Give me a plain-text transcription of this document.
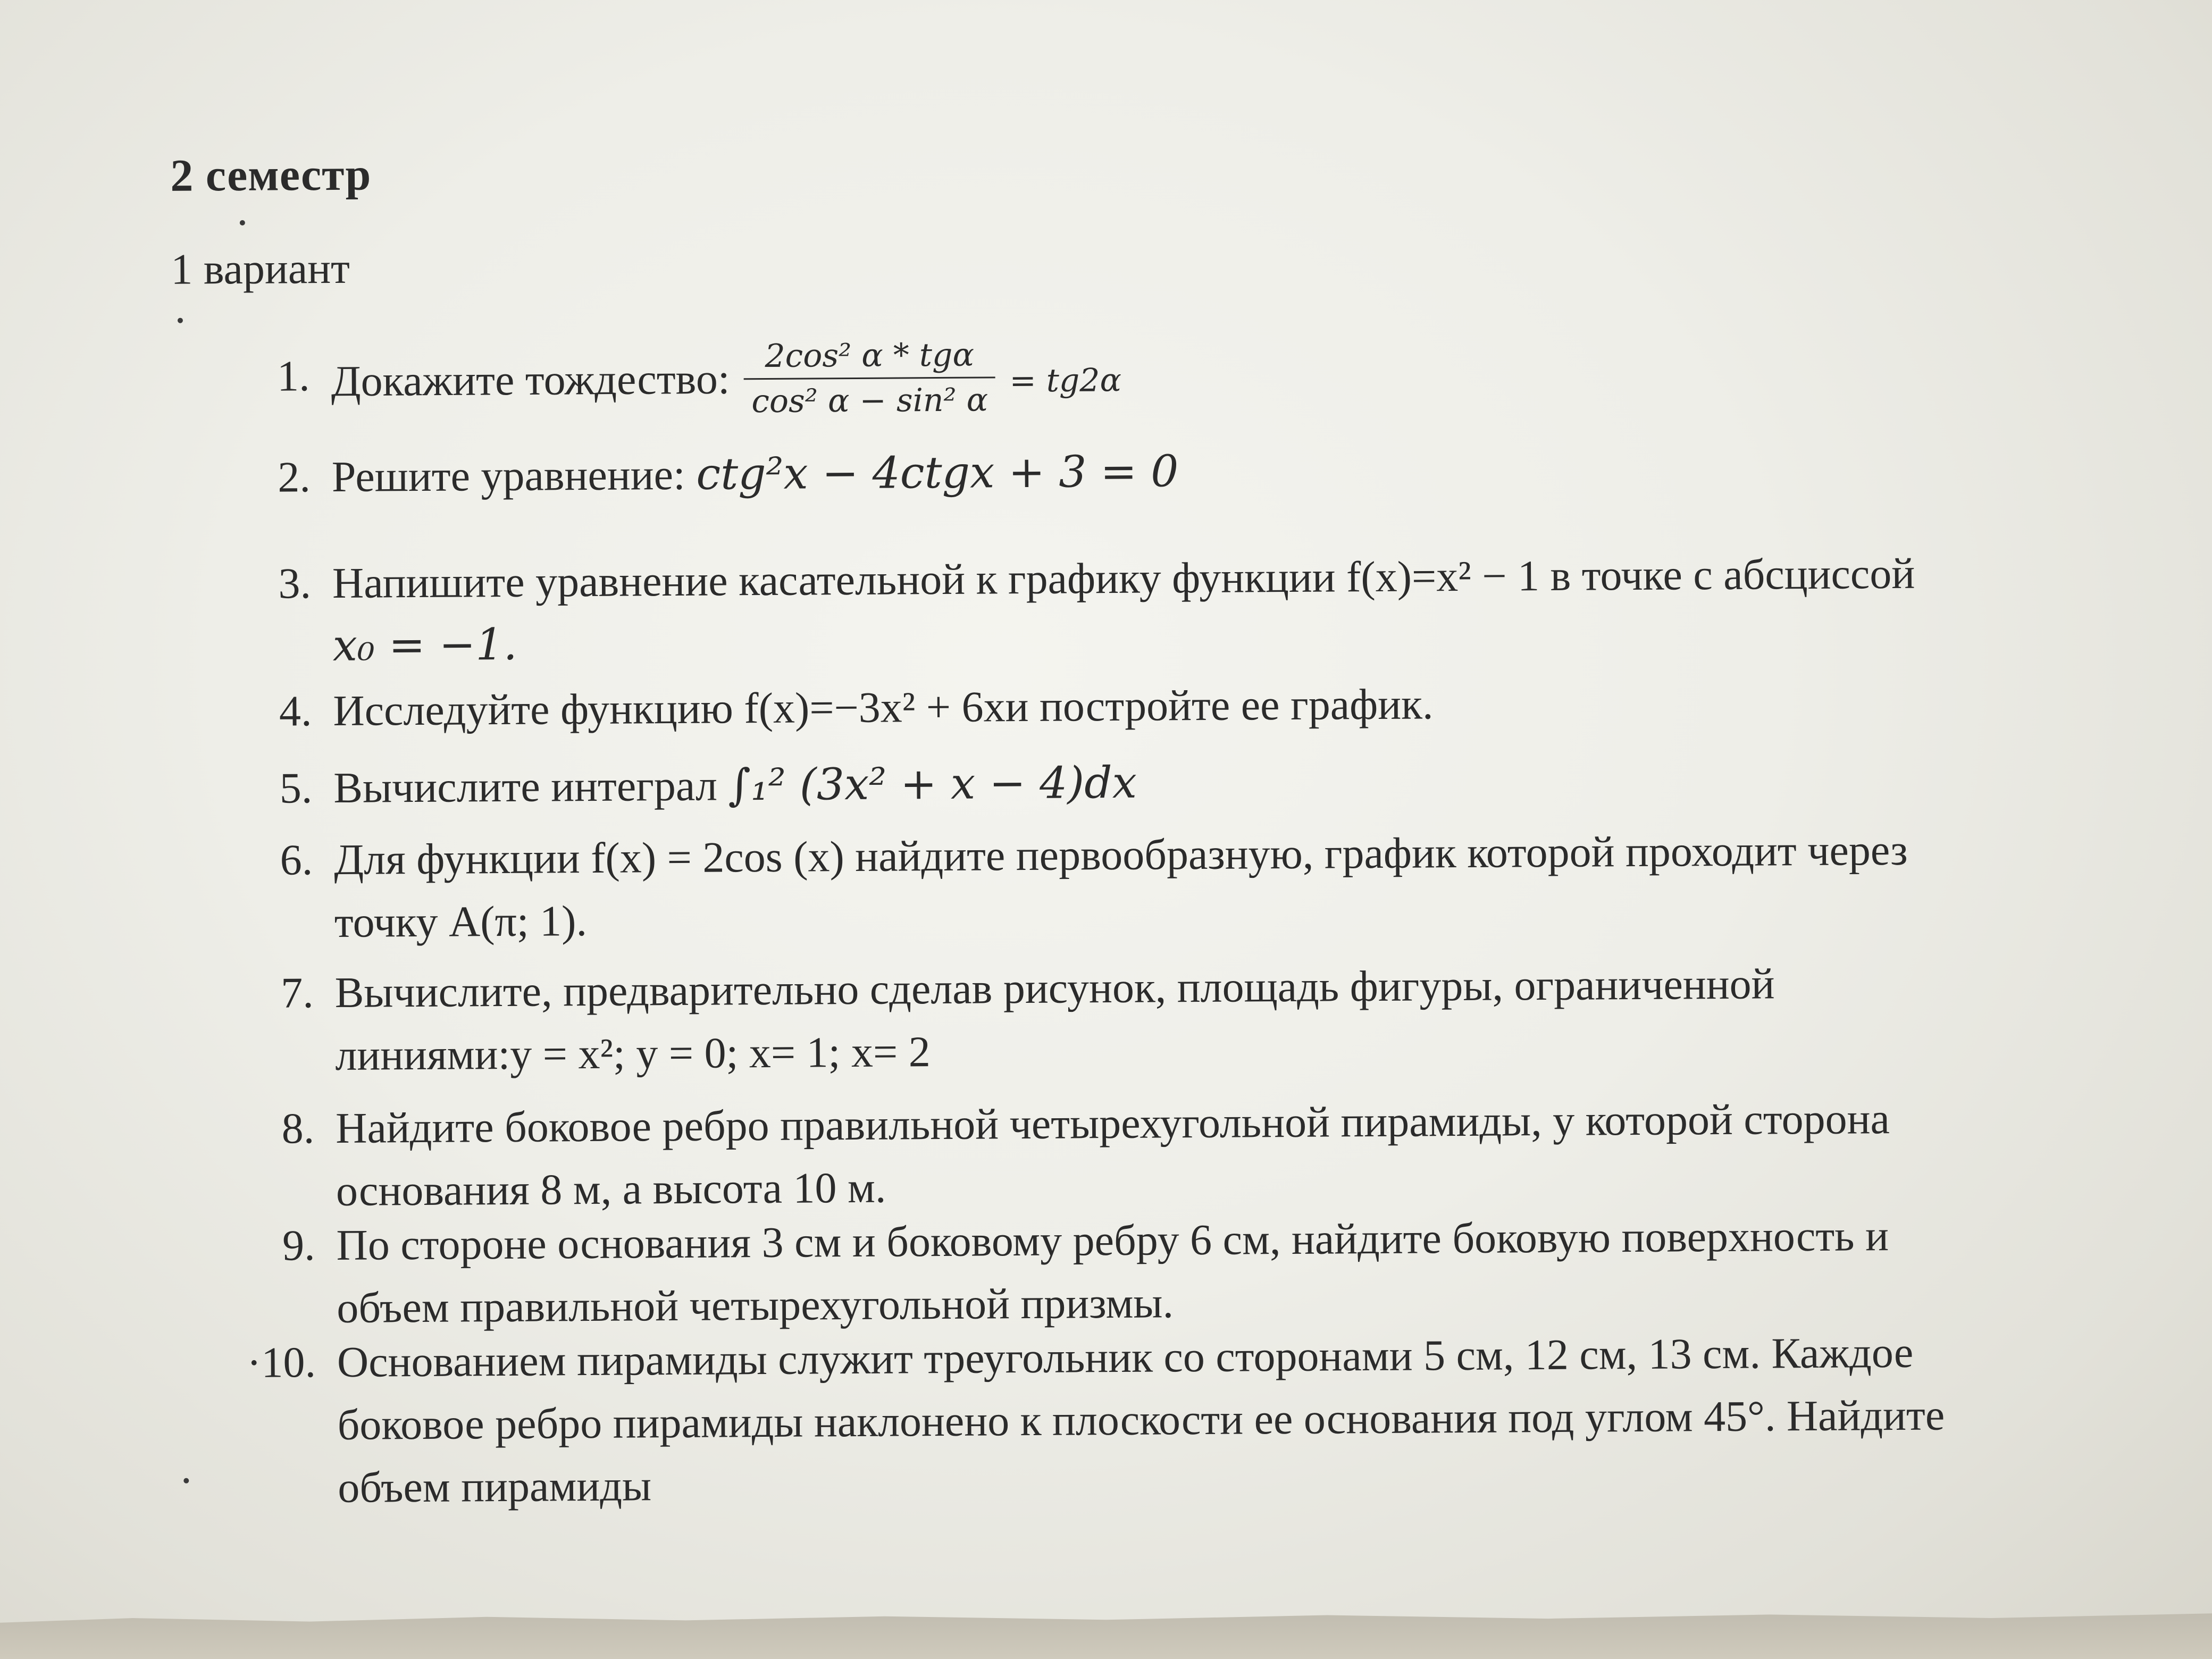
2 семестр
1 вариант
1. Докажите тождество: $\frac{\text{2cos² α * tgα}}{\text{cos² α − sin² α}} = tg2\alpha$
2. Решите уравнение: ctg²x − 4ctgx + 3 = 0
3. Напишите уравнение касательной к графику функции f(x)=x² − 1 в точке с абсциссой
x₀ = −1.
4. Исследуйте функцию f(x)=−3x² + 6xи постройте ее график.
5. Вычислите интеграл ∫₁² (3x² + x − 4)dx
6. Для функции f(x) = 2cos (x) найдите первообразную, график которой проходит через
точку A(π; 1).
7. Вычислите, предварительно сделав рисунок, площадь фигуры, ограниченной
линиями:y = x²; y = 0; x= 1; x= 2
8. Найдите боковое ребро правильной четырехугольной пирамиды, у которой сторона
основания 8 м, а высота 10 м.
9. По стороне основания 3 см и боковому ребру 6 см, найдите боковую поверхность и
объем правильной четырехугольной призмы.
·10. Основанием пирамиды служит треугольник со сторонами 5 см, 12 см, 13 см. Каждое
боковое ребро пирамиды наклонено к плоскости ее основания под углом 45°. Найдите
объем пирамиды
